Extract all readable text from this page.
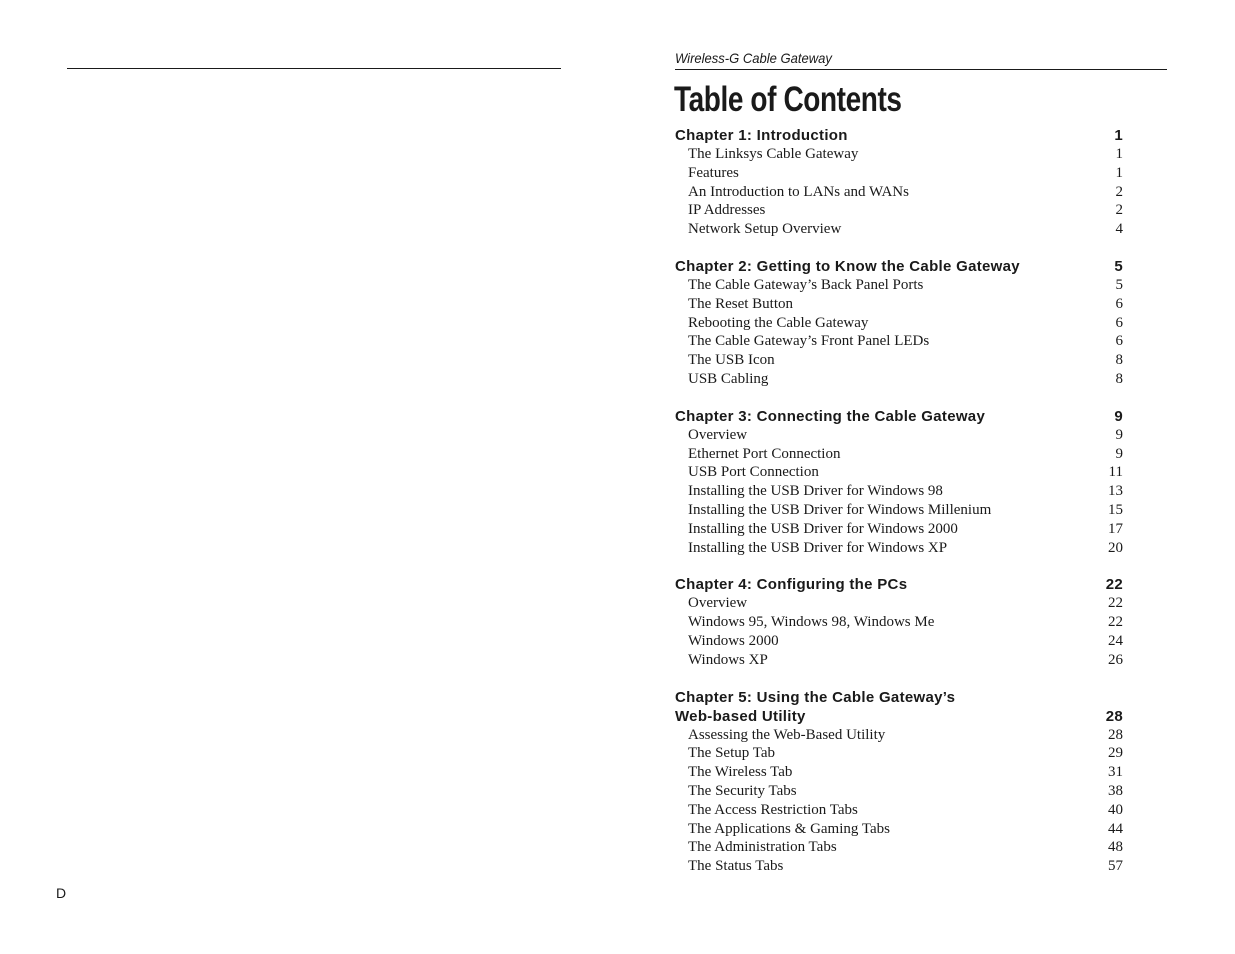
D
Wireless-G Cable Gateway
Table of Contents
Chapter 1: Introduction	1
The Linksys Cable Gateway	1
Features	1
An Introduction to LANs and WANs	2
IP Addresses	2
Network Setup Overview	4
Chapter 2: Getting to Know the Cable Gateway	5
The Cable Gateway’s Back Panel Ports	5
The Reset Button	6
Rebooting the Cable Gateway	6
The Cable Gateway’s Front Panel LEDs	6
The USB Icon	8
USB Cabling	8
Chapter 3: Connecting the Cable Gateway	9
Overview	9
Ethernet Port Connection	9
USB Port Connection	11
Installing the USB Driver for Windows 98	13
Installing the USB Driver for Windows Millenium	15
Installing the USB Driver for Windows 2000	17
Installing the USB Driver for Windows XP	20
Chapter 4: Configuring the PCs	22
Overview	22
Windows 95, Windows 98, Windows Me	22
Windows 2000	24
Windows XP	26
Chapter 5: Using the Cable Gateway’s
Web-based Utility	28
Assessing the Web-Based Utility	28
The Setup Tab	29
The Wireless Tab	31
The Security Tabs	38
The Access Restriction Tabs	40
The Applications & Gaming Tabs	44
The Administration Tabs	48
The Status Tabs	57
